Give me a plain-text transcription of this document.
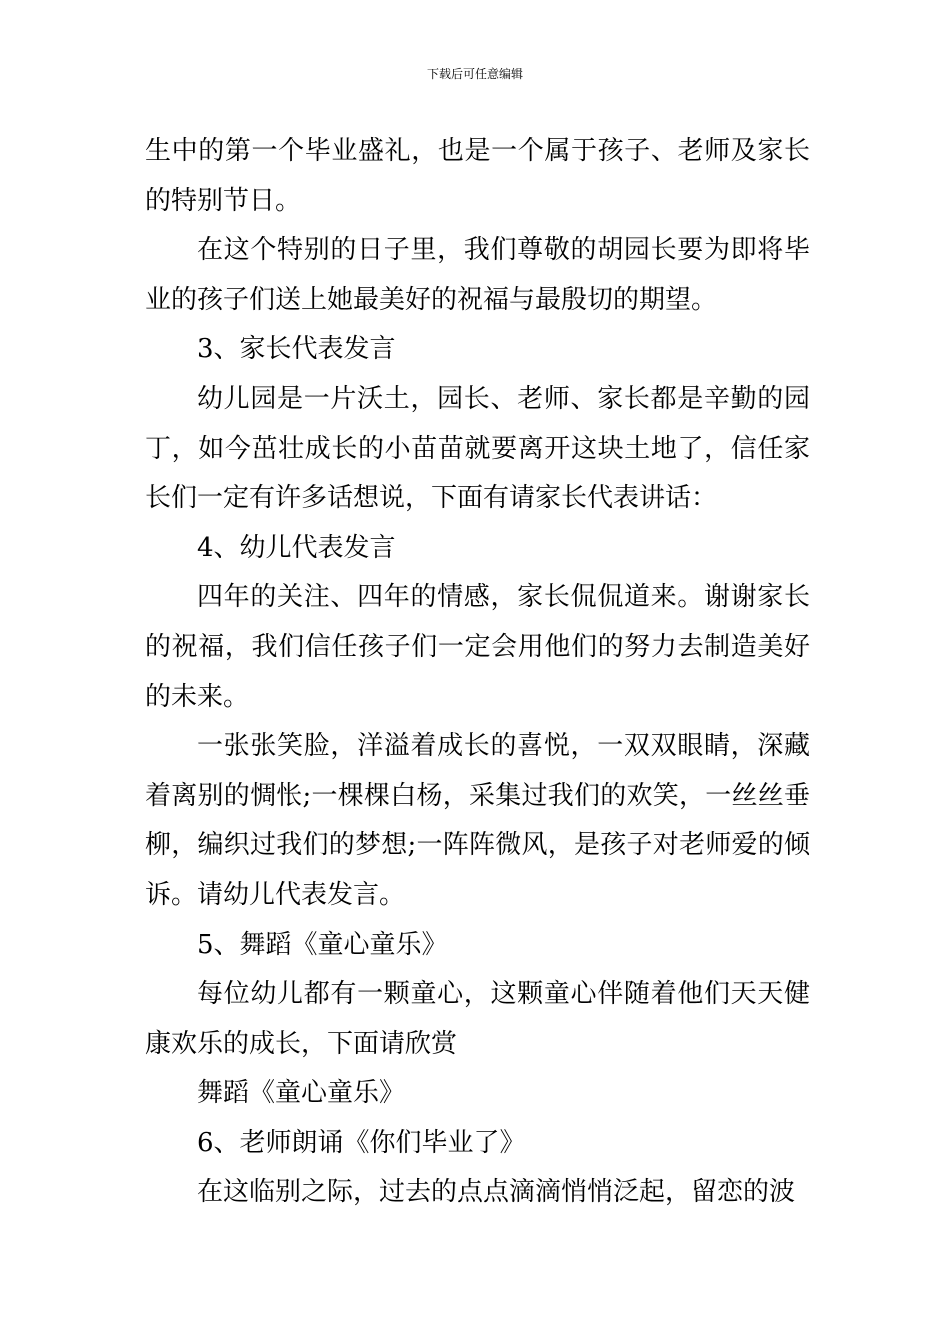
下载后可任意编辑

生中的第一个毕业盛礼，也是一个属于孩子、老师及家长的特别节日。

在这个特别的日子里，我们尊敬的胡园长要为即将毕业的孩子们送上她最美好的祝福与最殷切的期望。

3、家长代表发言

幼儿园是一片沃土，园长、老师、家长都是辛勤的园丁，如今茁壮成长的小苗苗就要离开这块土地了，信任家长们一定有许多话想说，下面有请家长代表讲话：

4、幼儿代表发言

四年的关注、四年的情感，家长侃侃道来。谢谢家长的祝福，我们信任孩子们一定会用他们的努力去制造美好的未来。

一张张笑脸，洋溢着成长的喜悦，一双双眼睛，深藏着离别的惆怅;一棵棵白杨，采集过我们的欢笑，一丝丝垂柳，编织过我们的梦想;一阵阵微风，是孩子对老师爱的倾诉。请幼儿代表发言。

5、舞蹈《童心童乐》

每位幼儿都有一颗童心，这颗童心伴随着他们天天健康欢乐的成长，下面请欣赏

舞蹈《童心童乐》

6、老师朗诵《你们毕业了》

在这临别之际，过去的点点滴滴悄悄泛起，留恋的波
